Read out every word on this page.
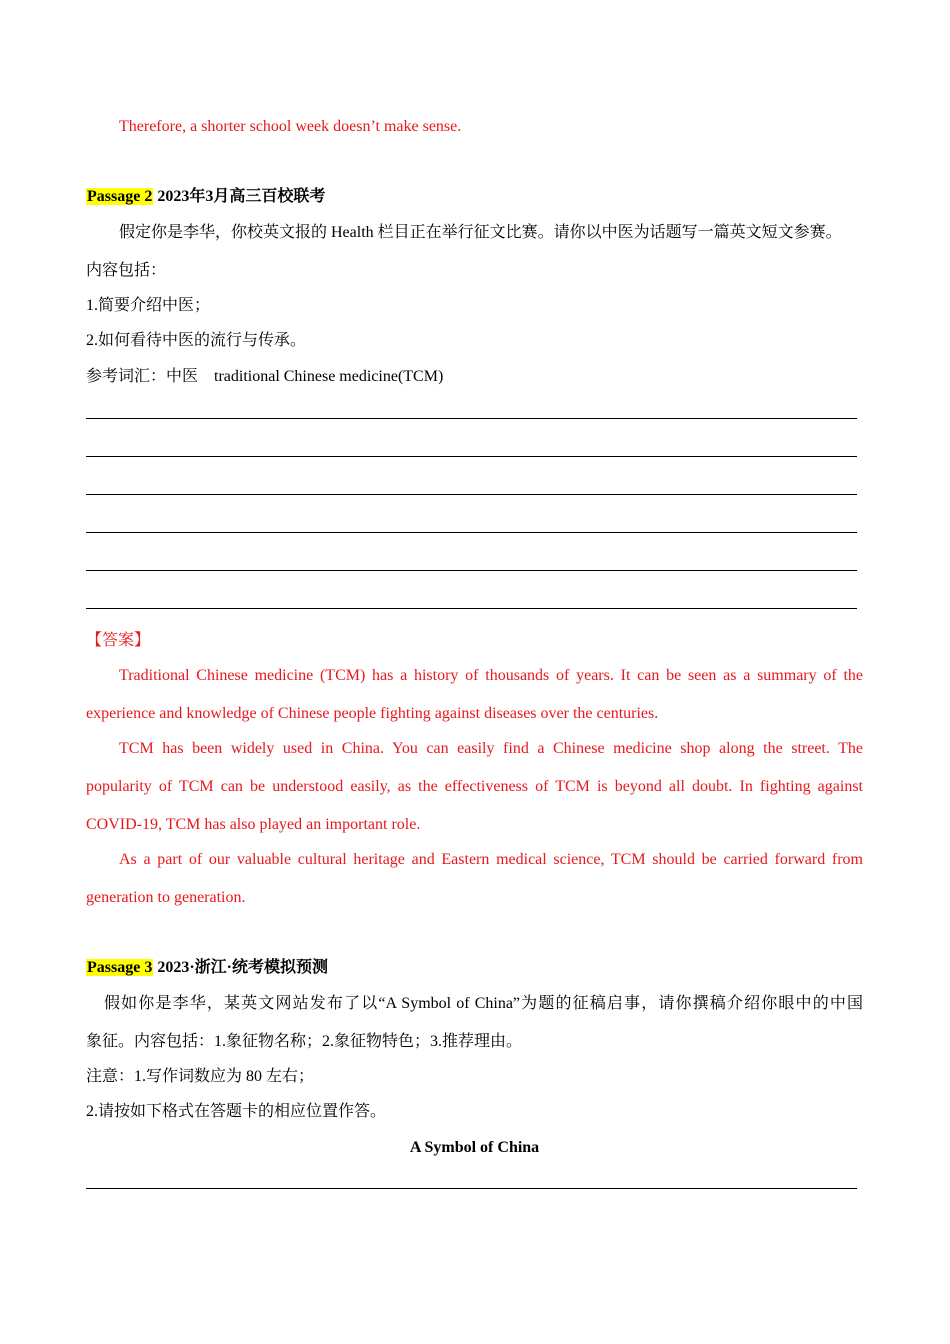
Therefore, a shorter school week doesn’t make sense.
Passage 2 2023年3月高三百校联考
假定你是李华，你校英文报的 Health 栏目正在举行征文比赛。请你以中医为话题写一篇英文短文参赛。
内容包括：
1.简要介绍中医；
2.如何看待中医的流行与传承。
参考词汇：中医    traditional Chinese medicine(TCM)
【答案】
Traditional Chinese medicine (TCM) has a history of thousands of years. It can be seen as a summary of the
experience and knowledge of Chinese people fighting against diseases over the centuries.
TCM has been widely used in China. You can easily find a Chinese medicine shop along the street. The
popularity of TCM can be understood easily, as the effectiveness of TCM is beyond all doubt. In fighting against
COVID-19, TCM has also played an important role.
As a part of our valuable cultural heritage and Eastern medical science, TCM should be carried forward from
generation to generation.
Passage 3 2023·浙江·统考模拟预测
假如你是李华，某英文网站发布了以“A Symbol of China”为题的征稿启事，请你撰稿介绍你眼中的中国
象征。内容包括：1.象征物名称；2.象征物特色；3.推荐理由。
注意：1.写作词数应为 80 左右；
2.请按如下格式在答题卡的相应位置作答。
A Symbol of China
